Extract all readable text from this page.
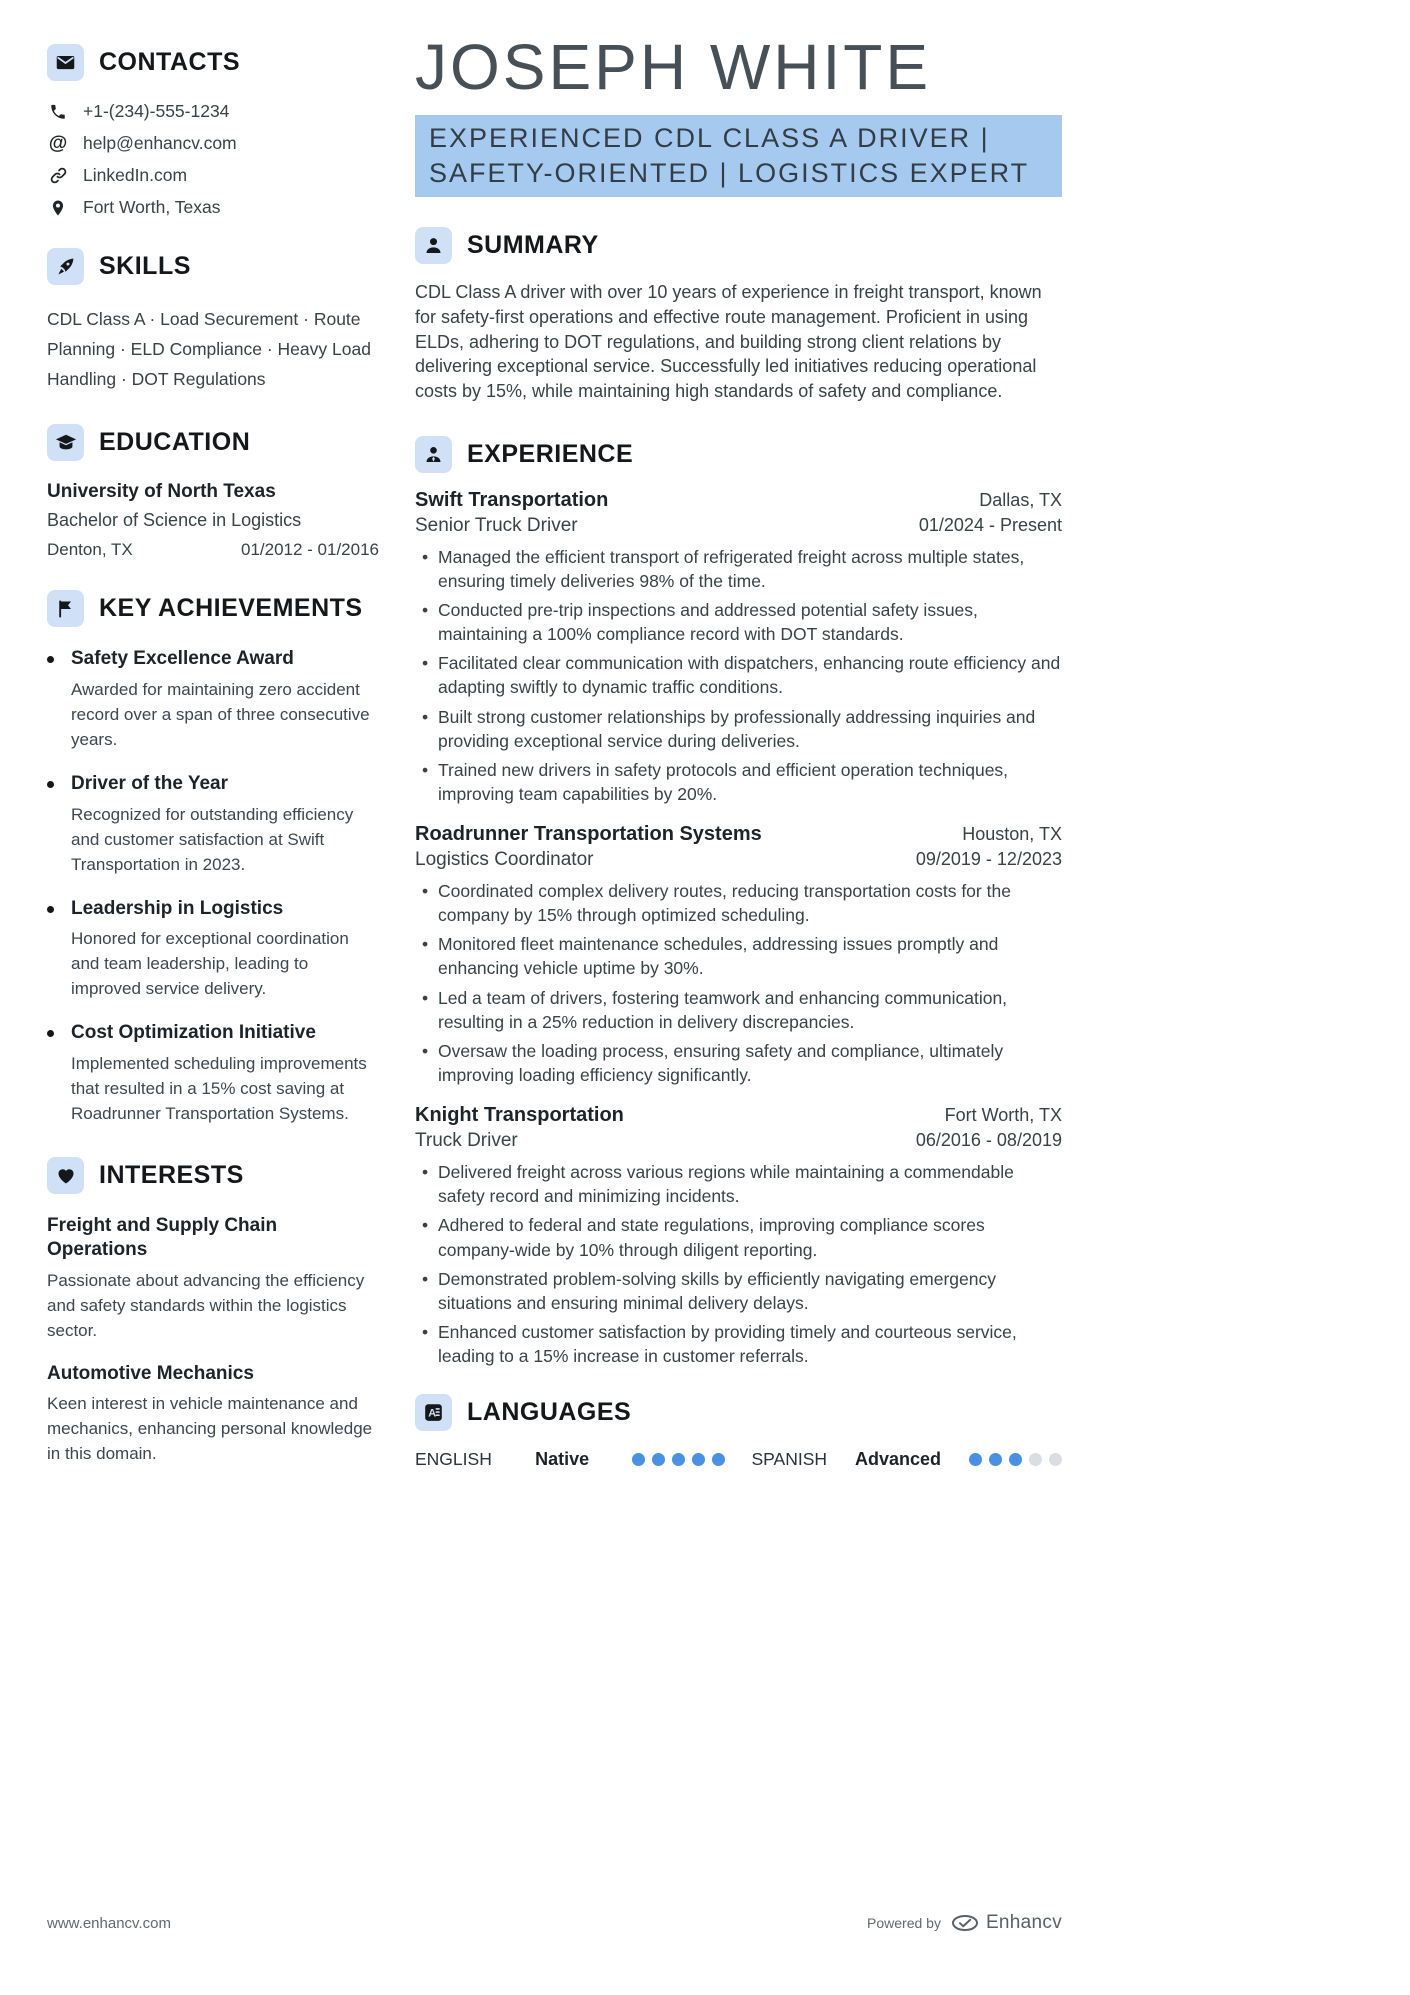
CONTACTS
+1-(234)-555-1234
@ help@enhancv.com
LinkedIn.com
Fort Worth, Texas
SKILLS

CDL Class A · Load Securement · Route Planning · ELD Compliance · Heavy Load Handling · DOT Regulations

EDUCATION
University of North Texas

Bachelor of Science in Logistics

Denton, TX	01/2012 - 01/2016
KEY ACHIEVEMENTS
Safety Excellence Award

Awarded for maintaining zero accident record over a span of three consecutive years.

Driver of the Year

Recognized for outstanding efficiency and customer satisfaction at Swift Transportation in 2023.

Leadership in Logistics

Honored for exceptional coordination and team leadership, leading to improved service delivery.

Cost Optimization Initiative

Implemented scheduling improvements that resulted in a 15% cost saving at Roadrunner Transportation Systems.

INTERESTS
Freight and Supply Chain Operations

Passionate about advancing the efficiency and safety standards within the logistics sector.

Automotive Mechanics

Keen interest in vehicle maintenance and mechanics, enhancing personal knowledge in this domain.

JOSEPH WHITE
EXPERIENCED CDL CLASS A DRIVER | SAFETY-ORIENTED | LOGISTICS EXPERT
SUMMARY

CDL Class A driver with over 10 years of experience in freight transport, known for safety-first operations and effective route management. Proficient in using ELDs, adhering to DOT regulations, and building strong client relations by delivering exceptional service. Successfully led initiatives reducing operational costs by 15%, while maintaining high standards of safety and compliance.

EXPERIENCE
Swift Transportation	Dallas, TX
Senior Truck Driver	01/2024 - Present
• Managed the efficient transport of refrigerated freight across multiple states, ensuring timely deliveries 98% of the time.
• Conducted pre-trip inspections and addressed potential safety issues, maintaining a 100% compliance record with DOT standards.
• Facilitated clear communication with dispatchers, enhancing route efficiency and adapting swiftly to dynamic traffic conditions.
• Built strong customer relationships by professionally addressing inquiries and providing exceptional service during deliveries.
• Trained new drivers in safety protocols and efficient operation techniques, improving team capabilities by 20%.
Roadrunner Transportation Systems	Houston, TX
Logistics Coordinator	09/2019 - 12/2023
• Coordinated complex delivery routes, reducing transportation costs for the company by 15% through optimized scheduling.
• Monitored fleet maintenance schedules, addressing issues promptly and enhancing vehicle uptime by 30%.
• Led a team of drivers, fostering teamwork and enhancing communication, resulting in a 25% reduction in delivery discrepancies.
• Oversaw the loading process, ensuring safety and compliance, ultimately improving loading efficiency significantly.
Knight Transportation	Fort Worth, TX
Truck Driver	06/2016 - 08/2019
• Delivered freight across various regions while maintaining a commendable safety record and minimizing incidents.
• Adhered to federal and state regulations, improving compliance scores company-wide by 10% through diligent reporting.
• Demonstrated problem-solving skills by efficiently navigating emergency situations and ensuring minimal delivery delays.
• Enhanced customer satisfaction by providing timely and courteous service, leading to a 15% increase in customer referrals.
A LANGUAGES
ENGLISH Native	SPANISH Advanced
www.enhancv.com	Powered by Enhancv
